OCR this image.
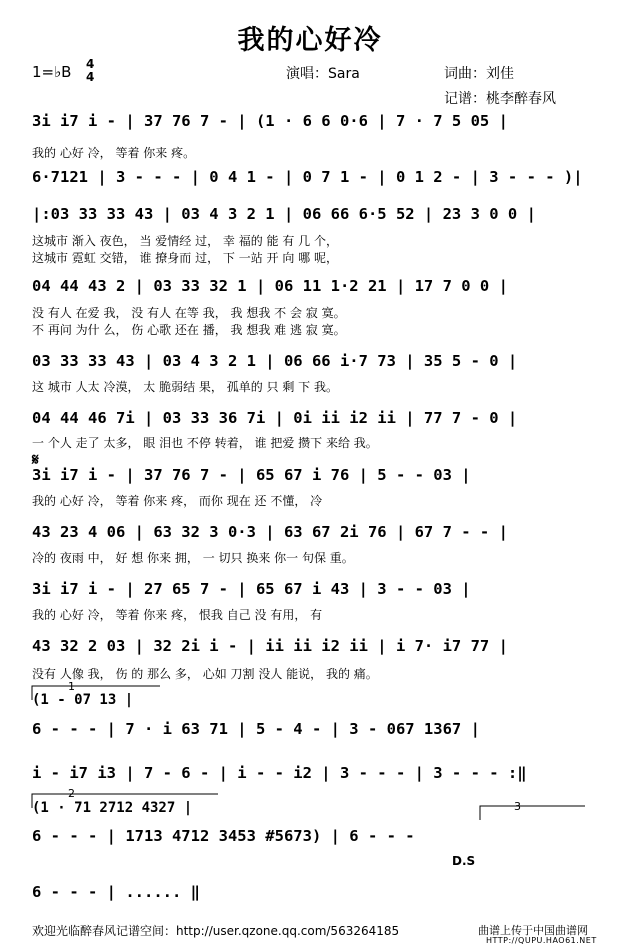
我的心好冷
1=♭B 4
4	演唱：Sara	词曲：刘佳
记谱：桃李醉春风
3i i7 i - | 37 76 7 - | (1 · 6 6 0·6 | 7 · 7 5 05 |
我的 心好 冷， 等着 你来 疼。
6·7121 | 3 - - - | 0 4 1 - | 0 7 1 - | 0 1 2 - | 3 - - - )|
|:03 33 33 43 | 03 4 3 2 1 | 06 66 6·5 52 | 23 3 0 0 |
这城市 渐入 夜色， 当 爱情经 过， 幸 福的 能 有 几 个，
这城市 霓虹 交错， 谁 撩身而 过， 下 一站 开 向 哪 呢，
04 44 43 2 | 03 33 32 1 | 06 11 1·2 21 | 17 7 0 0 |
没 有人 在爱 我， 没 有人 在等 我， 我 想我 不 会 寂 寞。
不 再问 为什 么， 伤 心歌 还在 播， 我 想我 难 逃 寂 寞。
03 33 33 43 | 03 4 3 2 1 | 06 66 i·7 73 | 35 5 - 0 |
这 城市 人太 冷漠， 太 脆弱结 果， 孤单的 只 剩 下 我。
04 44 46 7i | 03 33 36 7i | 0i ii i2 ii | 77 7 - 0 |
一 个人 走了 太多， 眼 泪也 不停 转着， 谁 把爱 攒下 来给 我。
𝄋
3i i7 i - | 37 76 7 - | 65 67 i 76 | 5 - - 03 |
我的 心好 冷， 等着 你来 疼， 而你 现在 还 不懂， 冷
43 23 4 06 | 63 32 3 0·3 | 63 67 2i 76 | 67 7 - - |
冷的 夜雨 中， 好 想 你来 拥， 一 切只 换来 你一 句保 重。
3i i7 i - | 27 65 7 - | 65 67 i 43 | 3 - - 03 |
我的 心好 冷， 等着 你来 疼， 恨我 自己 没 有用， 有
43 32 2 03 | 32 2i i - | ii ii i2 ii | i 7· i7 77 |
没有 人像 我， 伤 的 那么 多， 心如 刀割 没人 能说， 我的 痛。
1
(1 - 07 13 |
6 - - - | 7 · i 63 71 | 5 - 4 - | 3 - 067 1367 |
i - i7 i3 | 7 - 6 - | i - - i2 | 3 - - - | 3 - - - :‖
2
(1 · 71 2712 4327 |
6 - - - | 1713 4712 3453 #5673) | 6 - - -
3
D.S
6 - - - | ...... ‖
欢迎光临醉春风记谱空间：http://user.qzone.qq.com/563264185	曲谱上传于中国曲谱网
HTTP://QUPU.HAO61.NET
